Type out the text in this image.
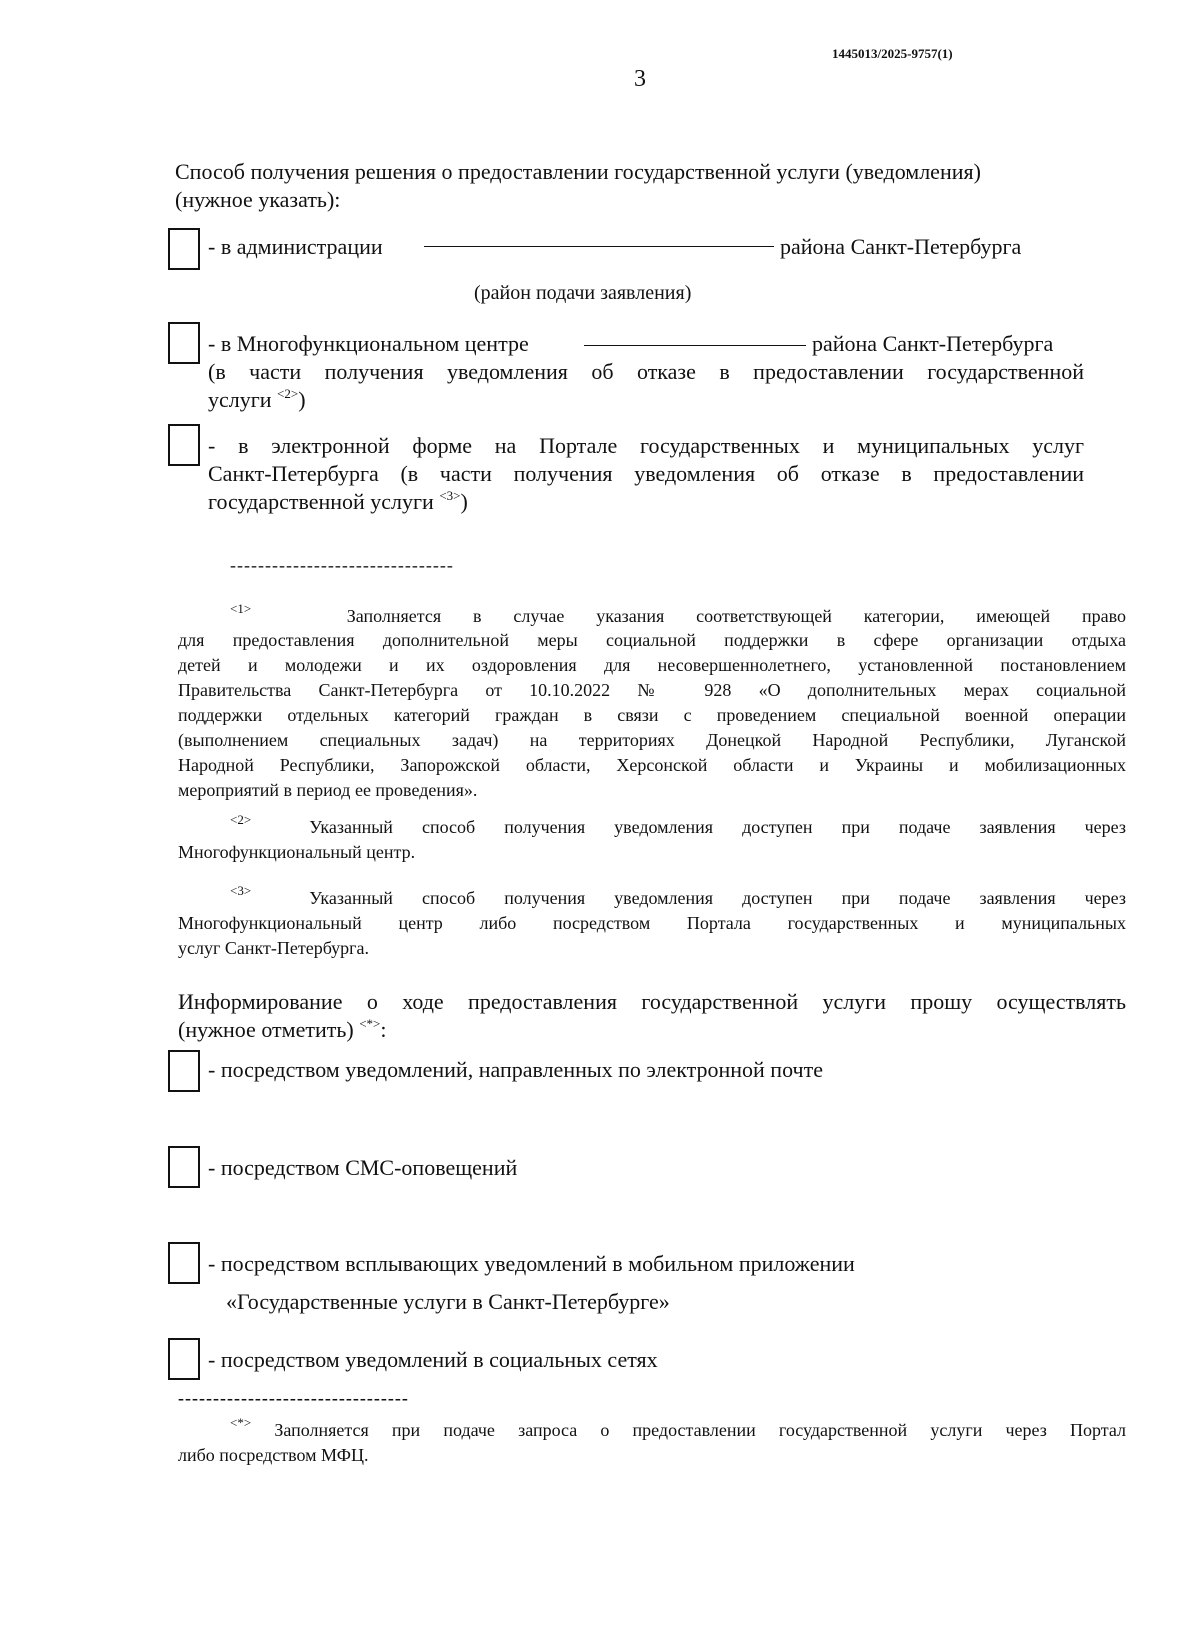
1445013/2025-9757(1)
3
Способ получения решения о предоставлении государственной услуги (уведомления)
(нужное указать):
- в администрации	района Санкт-Петербурга
(район подачи заявления)
- в Многофункциональном центре	района Санкт-Петербурга
(в части получения уведомления об отказе в предоставлении государственной
услуги $^{<2>}$)
- в электронной форме на Портале государственных и муниципальных услуг
Санкт-Петербурга (в части получения уведомления об отказе в предоставлении
государственной услуги $^{<3>}$)
--------------------------------
$^{<1>}$	Заполняется в случае указания соответствующей категории, имеющей право
для предоставления дополнительной меры социальной поддержки в сфере организации отдыха
детей и молодежи и их оздоровления для несовершеннолетнего, установленной постановлением
Правительства Санкт-Петербурга от 10.10.2022 № 928 «О дополнительных мерах социальной
поддержки отдельных категорий граждан в связи с проведением специальной военной операции
(выполнением специальных задач) на территориях Донецкой Народной Республики, Луганской
Народной Республики, Запорожской области, Херсонской области и Украины и мобилизационных
мероприятий в период ее проведения».
$^{<2>}$	Указанный способ получения уведомления доступен при подаче заявления через
Многофункциональный центр.
$^{<3>}$	Указанный способ получения уведомления доступен при подаче заявления через
Многофункциональный центр либо посредством Портала государственных и муниципальных
услуг Санкт-Петербурга.
Информирование о ходе предоставления государственной услуги прошу осуществлять
(нужное отметить) <*>:
- посредством уведомлений, направленных по электронной почте
- посредством СМС-оповещений
- посредством всплывающих уведомлений в мобильном приложении
«Государственные услуги в Санкт-Петербурге»
- посредством уведомлений в социальных сетях
---------------------------------
<*> Заполняется при подаче запроса о предоставлении государственной услуги через Портал
либо посредством МФЦ.
